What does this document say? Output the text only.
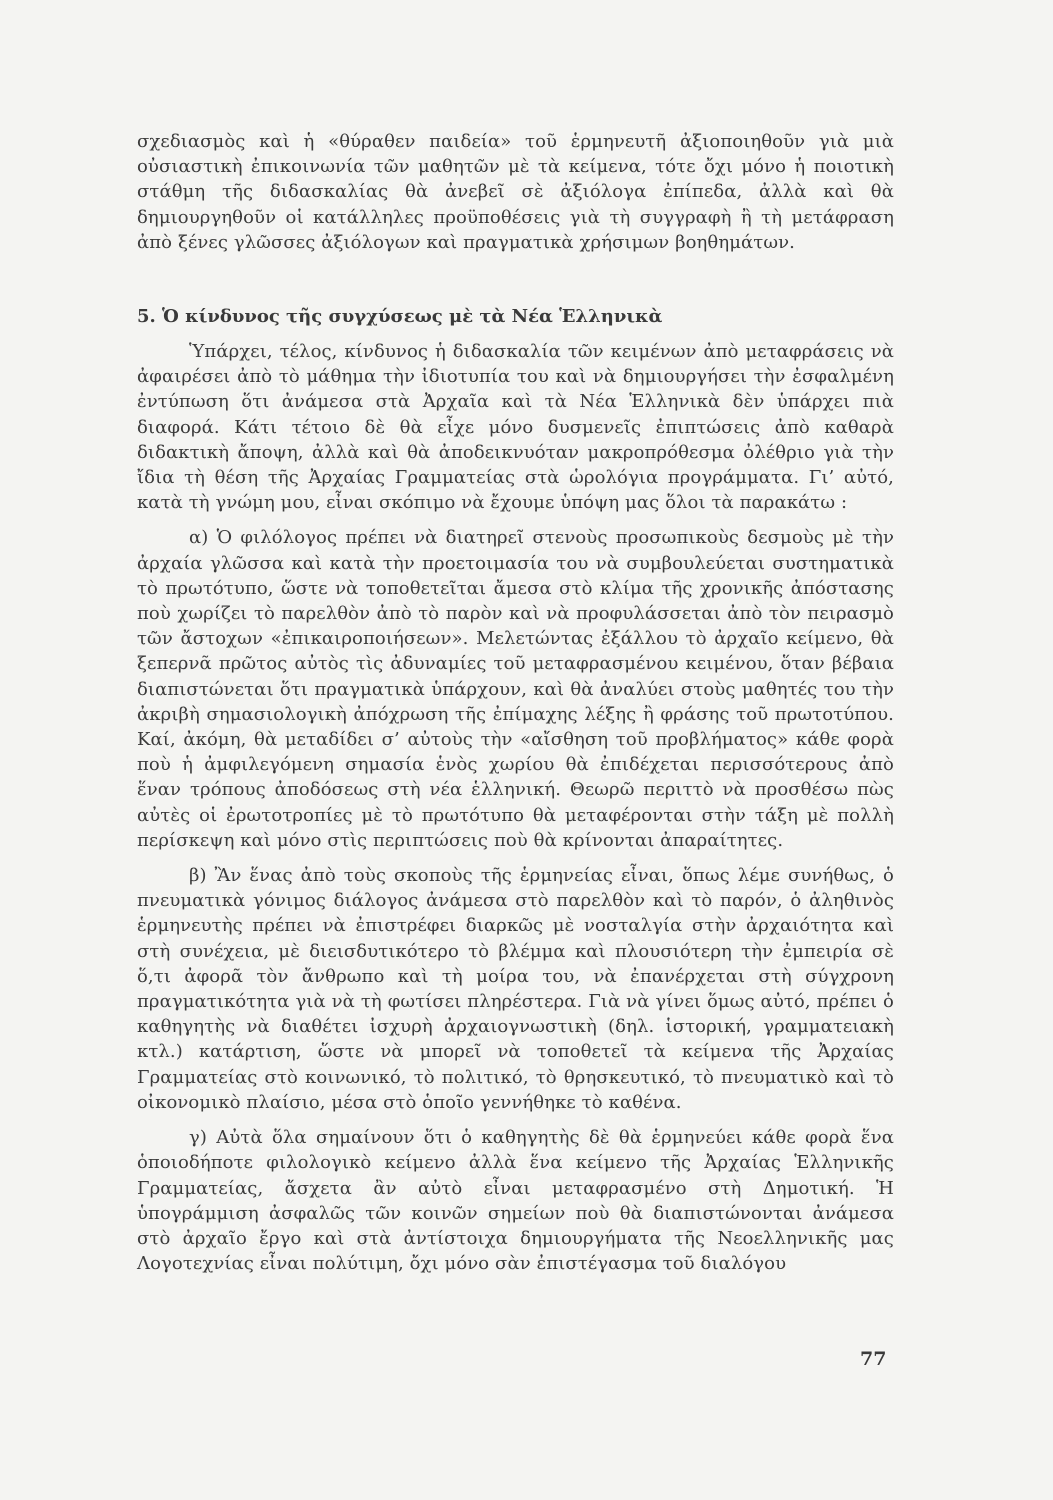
σχεδιασμὸς καὶ ἡ «θύραθεν παιδεία» τοῦ ἑρμηνευτῆ ἀξιοποιηθοῦν γιὰ μιὰ οὐσιαστικὴ ἐπικοινωνία τῶν μαθητῶν μὲ τὰ κείμενα, τότε ὄχι μόνο ἡ ποιοτικὴ στάθμη τῆς διδασκαλίας θὰ ἀνεβεῖ σὲ ἀξιόλογα ἐπίπεδα, ἀλλὰ καὶ θὰ δημιουργηθοῦν οἱ κατάλληλες προϋποθέσεις γιὰ τὴ συγγραφὴ ἢ τὴ μετάφραση ἀπὸ ξένες γλῶσσες ἀξιόλογων καὶ πραγματικὰ χρήσιμων βοηθημάτων.

5. Ὁ κίνδυνος τῆς συγχύσεως μὲ τὰ Νέα Ἑλληνικὰ

Ὑπάρχει, τέλος, κίνδυνος ἡ διδασκαλία τῶν κειμένων ἀπὸ μεταφράσεις νὰ ἀφαιρέσει ἀπὸ τὸ μάθημα τὴν ἰδιοτυπία του καὶ νὰ δημιουργήσει τὴν ἐσφαλμένη ἐντύπωση ὅτι ἀνάμεσα στὰ Ἀρχαῖα καὶ τὰ Νέα Ἑλληνικὰ δὲν ὑπάρχει πιὰ διαφορά. Κάτι τέτοιο δὲ θὰ εἶχε μόνο δυσμενεῖς ἐπιπτώσεις ἀπὸ καθαρὰ διδακτικὴ ἄποψη, ἀλλὰ καὶ θὰ ἀποδεικνυόταν μακροπρόθεσμα ὀλέθριο γιὰ τὴν ἴδια τὴ θέση τῆς Ἀρχαίας Γραμματείας στὰ ὡρολόγια προγράμματα. Γι’ αὐτό, κατὰ τὴ γνώμη μου, εἶναι σκόπιμο νὰ ἔχουμε ὑπόψη μας ὅλοι τὰ παρακάτω :

α) Ὁ φιλόλογος πρέπει νὰ διατηρεῖ στενοὺς προσωπικοὺς δεσμοὺς μὲ τὴν ἀρχαία γλῶσσα καὶ κατὰ τὴν προετοιμασία του νὰ συμβουλεύεται συστηματικὰ τὸ πρωτότυπο, ὥστε νὰ τοποθετεῖται ἄμεσα στὸ κλίμα τῆς χρονικῆς ἀπόστασης ποὺ χωρίζει τὸ παρελθὸν ἀπὸ τὸ παρὸν καὶ νὰ προφυλάσσεται ἀπὸ τὸν πειρασμὸ τῶν ἄστοχων «ἐπικαιροποιήσεων». Μελετώντας ἐξάλλου τὸ ἀρχαῖο κείμενο, θὰ ξεπερνᾶ πρῶτος αὐτὸς τὶς ἀδυναμίες τοῦ μεταφρασμένου κειμένου, ὅταν βέβαια διαπιστώνεται ὅτι πραγματικὰ ὑπάρχουν, καὶ θὰ ἀναλύει στοὺς μαθητές του τὴν ἀκριβὴ σημασιολογικὴ ἀπόχρωση τῆς ἐπίμαχης λέξης ἢ φράσης τοῦ πρωτοτύπου. Καί, ἀκόμη, θὰ μεταδίδει σ’ αὐτοὺς τὴν «αἴσθηση τοῦ προβλήματος» κάθε φορὰ ποὺ ἡ ἀμφιλεγόμενη σημασία ἑνὸς χωρίου θὰ ἐπιδέχεται περισσότερους ἀπὸ ἕναν τρόπους ἀποδόσεως στὴ νέα ἑλληνική. Θεωρῶ περιττὸ νὰ προσθέσω πὼς αὐτὲς οἱ ἐρωτοτροπίες μὲ τὸ πρωτότυπο θὰ μεταφέρονται στὴν τάξη μὲ πολλὴ περίσκεψη καὶ μόνο στὶς περιπτώσεις ποὺ θὰ κρίνονται ἀπαραίτητες.

β) Ἂν ἕνας ἀπὸ τοὺς σκοποὺς τῆς ἑρμηνείας εἶναι, ὅπως λέμε συνήθως, ὁ πνευματικὰ γόνιμος διάλογος ἀνάμεσα στὸ παρελθὸν καὶ τὸ παρόν, ὁ ἀληθινὸς ἑρμηνευτὴς πρέπει νὰ ἐπιστρέφει διαρκῶς μὲ νοσταλγία στὴν ἀρχαιότητα καὶ στὴ συνέχεια, μὲ διεισδυτικότερο τὸ βλέμμα καὶ πλουσιότερη τὴν ἐμπειρία σὲ ὅ,τι ἀφορᾶ τὸν ἄνθρωπο καὶ τὴ μοίρα του, νὰ ἐπανέρχεται στὴ σύγχρονη πραγματικότητα γιὰ νὰ τὴ φωτίσει πληρέστερα. Γιὰ νὰ γίνει ὅμως αὐτό, πρέπει ὁ καθηγητὴς νὰ διαθέτει ἰσχυρὴ ἀρχαιογνωστικὴ (δηλ. ἱστορική, γραμματειακὴ κτλ.) κατάρτιση, ὥστε νὰ μπορεῖ νὰ τοποθετεῖ τὰ κείμενα τῆς Ἀρχαίας Γραμματείας στὸ κοινωνικό, τὸ πολιτικό, τὸ θρησκευτικό, τὸ πνευματικὸ καὶ τὸ οἰκονομικὸ πλαίσιο, μέσα στὸ ὁποῖο γεννήθηκε τὸ καθένα.

γ) Αὐτὰ ὅλα σημαίνουν ὅτι ὁ καθηγητὴς δὲ θὰ ἑρμηνεύει κάθε φορὰ ἕνα ὁποιοδήποτε φιλολογικὸ κείμενο ἀλλὰ ἕνα κείμενο τῆς Ἀρχαίας Ἑλληνικῆς Γραμματείας, ἄσχετα ἂν αὐτὸ εἶναι μεταφρασμένο στὴ Δημοτική. Ἡ ὑπογράμμιση ἀσφαλῶς τῶν κοινῶν σημείων ποὺ θὰ διαπιστώνονται ἀνάμεσα στὸ ἀρχαῖο ἔργο καὶ στὰ ἀντίστοιχα δημιουργήματα τῆς Νεοελληνικῆς μας Λογοτεχνίας εἶναι πολύτιμη, ὄχι μόνο σὰν ἐπιστέγασμα τοῦ διαλόγου

77
